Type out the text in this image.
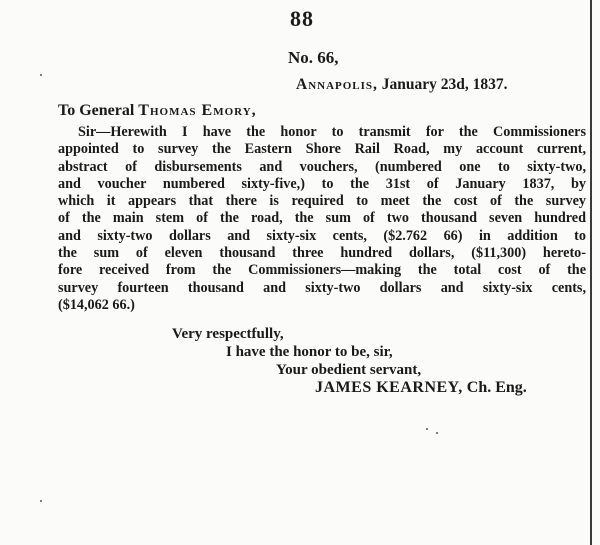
88
No. 66,
Annapolis, January 23d, 1837.
To General Thomas Emory,
Sir—Herewith I have the honor to transmit for the Commissioners
appointed to survey the Eastern Shore Rail Road, my account current,
abstract of disbursements and vouchers, (numbered one to sixty-two,
and voucher numbered sixty-five,) to the 31st of January 1837, by
which it appears that there is required to meet the cost of the survey
of the main stem of the road, the sum of two thousand seven hundred
and sixty-two dollars and sixty-six cents, ($2.762 66) in addition to
the sum of eleven thousand three hundred dollars, ($11,300) hereto-
fore received from the Commissioners—making the total cost of the
survey fourteen thousand and sixty-two dollars and sixty-six cents,
($14,062 66.)
Very respectfully,
I have the honor to be, sir,
Your obedient servant,
JAMES KEARNEY, Ch. Eng.
